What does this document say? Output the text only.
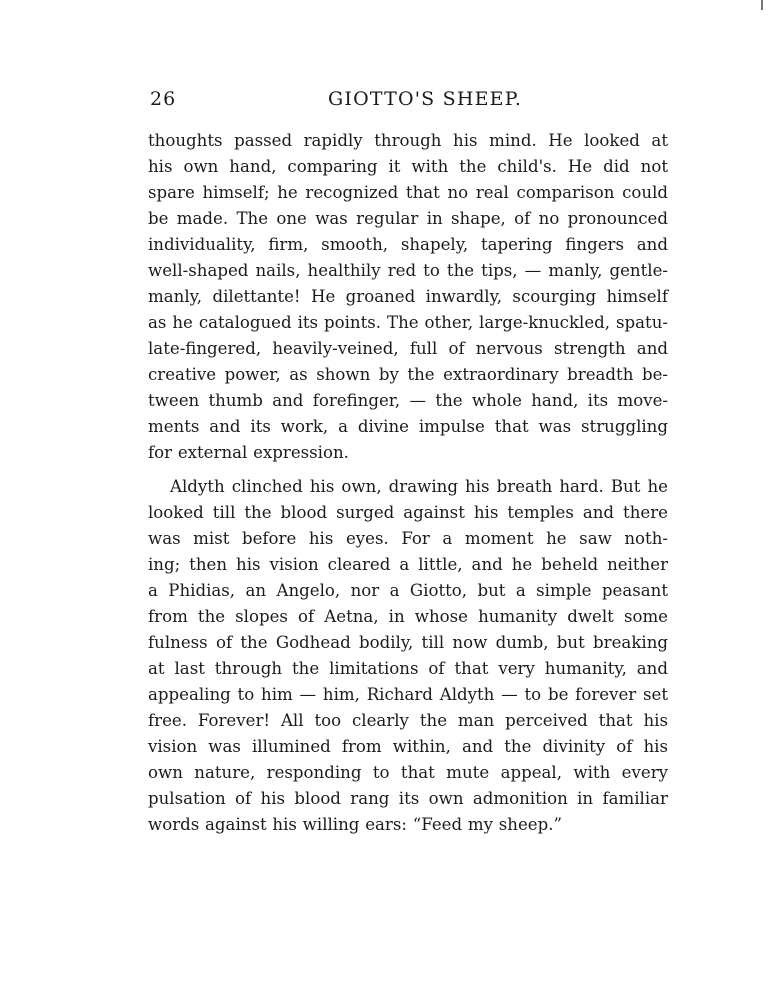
26	GIOTTO'S SHEEP.
thoughts passed rapidly through his mind. He looked at
his own hand, comparing it with the child's. He did not
spare himself; he recognized that no real comparison could
be made. The one was regular in shape, of no pronounced
individuality, firm, smooth, shapely, tapering fingers and
well-shaped nails, healthily red to the tips, — manly, gentle-
manly, dilettante! He groaned inwardly, scourging himself
as he catalogued its points. The other, large-knuckled, spatu-
late-fingered, heavily-veined, full of nervous strength and
creative power, as shown by the extraordinary breadth be-
tween thumb and forefinger, — the whole hand, its move-
ments and its work, a divine impulse that was struggling
for external expression.
Aldyth clinched his own, drawing his breath hard. But he
looked till the blood surged against his temples and there
was mist before his eyes. For a moment he saw noth-
ing; then his vision cleared a little, and he beheld neither
a Phidias, an Angelo, nor a Giotto, but a simple peasant
from the slopes of Aetna, in whose humanity dwelt some
fulness of the Godhead bodily, till now dumb, but breaking
at last through the limitations of that very humanity, and
appealing to him — him, Richard Aldyth — to be forever set
free. Forever! All too clearly the man perceived that his
vision was illumined from within, and the divinity of his
own nature, responding to that mute appeal, with every
pulsation of his blood rang its own admonition in familiar
words against his willing ears: “Feed my sheep.”
